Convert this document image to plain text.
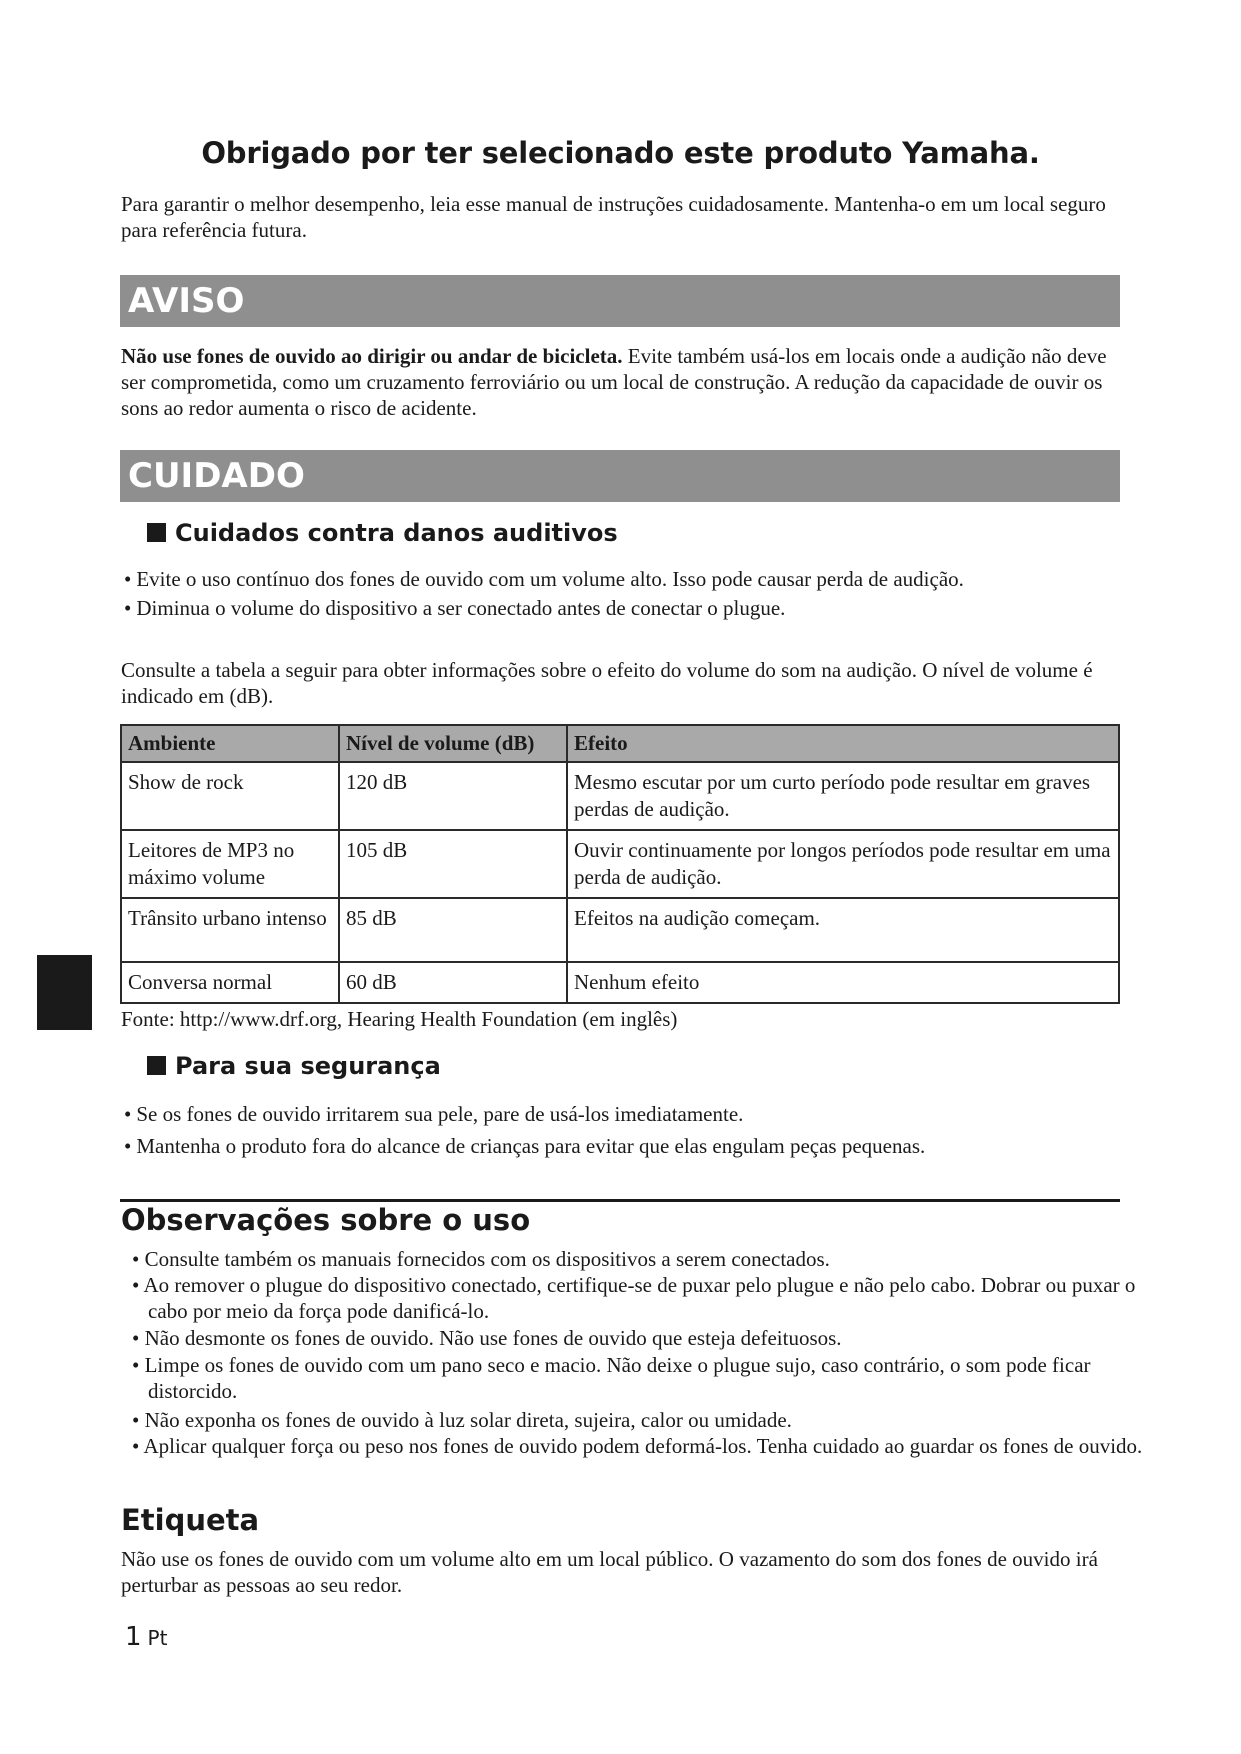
Obrigado por ter selecionado este produto Yamaha.
Para garantir o melhor desempenho, leia esse manual de instruções cuidadosamente. Mantenha-o em um local seguro para referência futura.
AVISO
Não use fones de ouvido ao dirigir ou andar de bicicleta. Evite também usá-los em locais onde a audição não deve ser comprometida, como um cruzamento ferroviário ou um local de construção. A redução da capacidade de ouvir os sons ao redor aumenta o risco de acidente.
CUIDADO
Cuidados contra danos auditivos
• Evite o uso contínuo dos fones de ouvido com um volume alto. Isso pode causar perda de audição.
• Diminua o volume do dispositivo a ser conectado antes de conectar o plugue.
Consulte a tabela a seguir para obter informações sobre o efeito do volume do som na audição. O nível de volume é indicado em (dB).
Ambiente	Nível de volume (dB)	Efeito
Show de rock	120 dB	Mesmo escutar por um curto período pode resultar em graves perdas de audição.
Leitores de MP3 no máximo volume	105 dB	Ouvir continuamente por longos períodos pode resultar em uma perda de audição.
Trânsito urbano intenso	85 dB	Efeitos na audição começam.
Conversa normal	60 dB	Nenhum efeito
Fonte: http://www.drf.org, Hearing Health Foundation (em inglês)
Para sua segurança
• Se os fones de ouvido irritarem sua pele, pare de usá-los imediatamente.
• Mantenha o produto fora do alcance de crianças para evitar que elas engulam peças pequenas.
Observações sobre o uso
• Consulte também os manuais fornecidos com os dispositivos a serem conectados.
• Ao remover o plugue do dispositivo conectado, certifique-se de puxar pelo plugue e não pelo cabo. Dobrar ou puxar o cabo por meio da força pode danificá-lo.
• Não desmonte os fones de ouvido. Não use fones de ouvido que esteja defeituosos.
• Limpe os fones de ouvido com um pano seco e macio. Não deixe o plugue sujo, caso contrário, o som pode ficar distorcido.
• Não exponha os fones de ouvido à luz solar direta, sujeira, calor ou umidade.
• Aplicar qualquer força ou peso nos fones de ouvido podem deformá-los. Tenha cuidado ao guardar os fones de ouvido.
Etiqueta
Não use os fones de ouvido com um volume alto em um local público. O vazamento do som dos fones de ouvido irá perturbar as pessoas ao seu redor.
1 Pt
